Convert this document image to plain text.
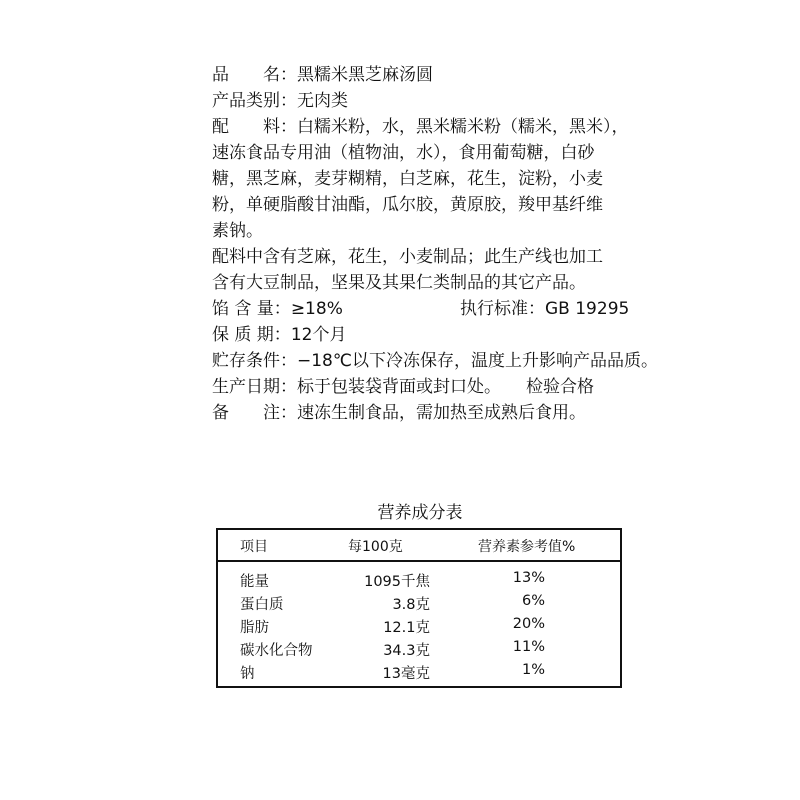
品　　名：黑糯米黑芝麻汤圆
产品类别：无肉类
配　　料：白糯米粉，水，黑米糯米粉（糯米，黑米），
速冻食品专用油（植物油，水），食用葡萄糖，白砂
糖，黑芝麻，麦芽糊精，白芝麻，花生，淀粉，小麦
粉，单硬脂酸甘油酯，瓜尔胶，黄原胶，羧甲基纤维
素钠。
配料中含有芝麻，花生，小麦制品；此生产线也加工
含有大豆制品，坚果及其果仁类制品的其它产品。
馅 含 量：≥18%	执行标准：GB 19295
保 质 期：12个月
贮存条件：−18℃以下冷冻保存，温度上升影响产品品质。
生产日期：标于包装袋背面或封口处。 检验合格
备　　注：速冻生制食品，需加热至成熟后食用。
营养成分表
项目	每100克	营养素参考值%
能量	1095千焦	13%
蛋白质	3.8克	6%
脂肪	12.1克	20%
碳水化合物	34.3克	11%
钠	13毫克	1%
